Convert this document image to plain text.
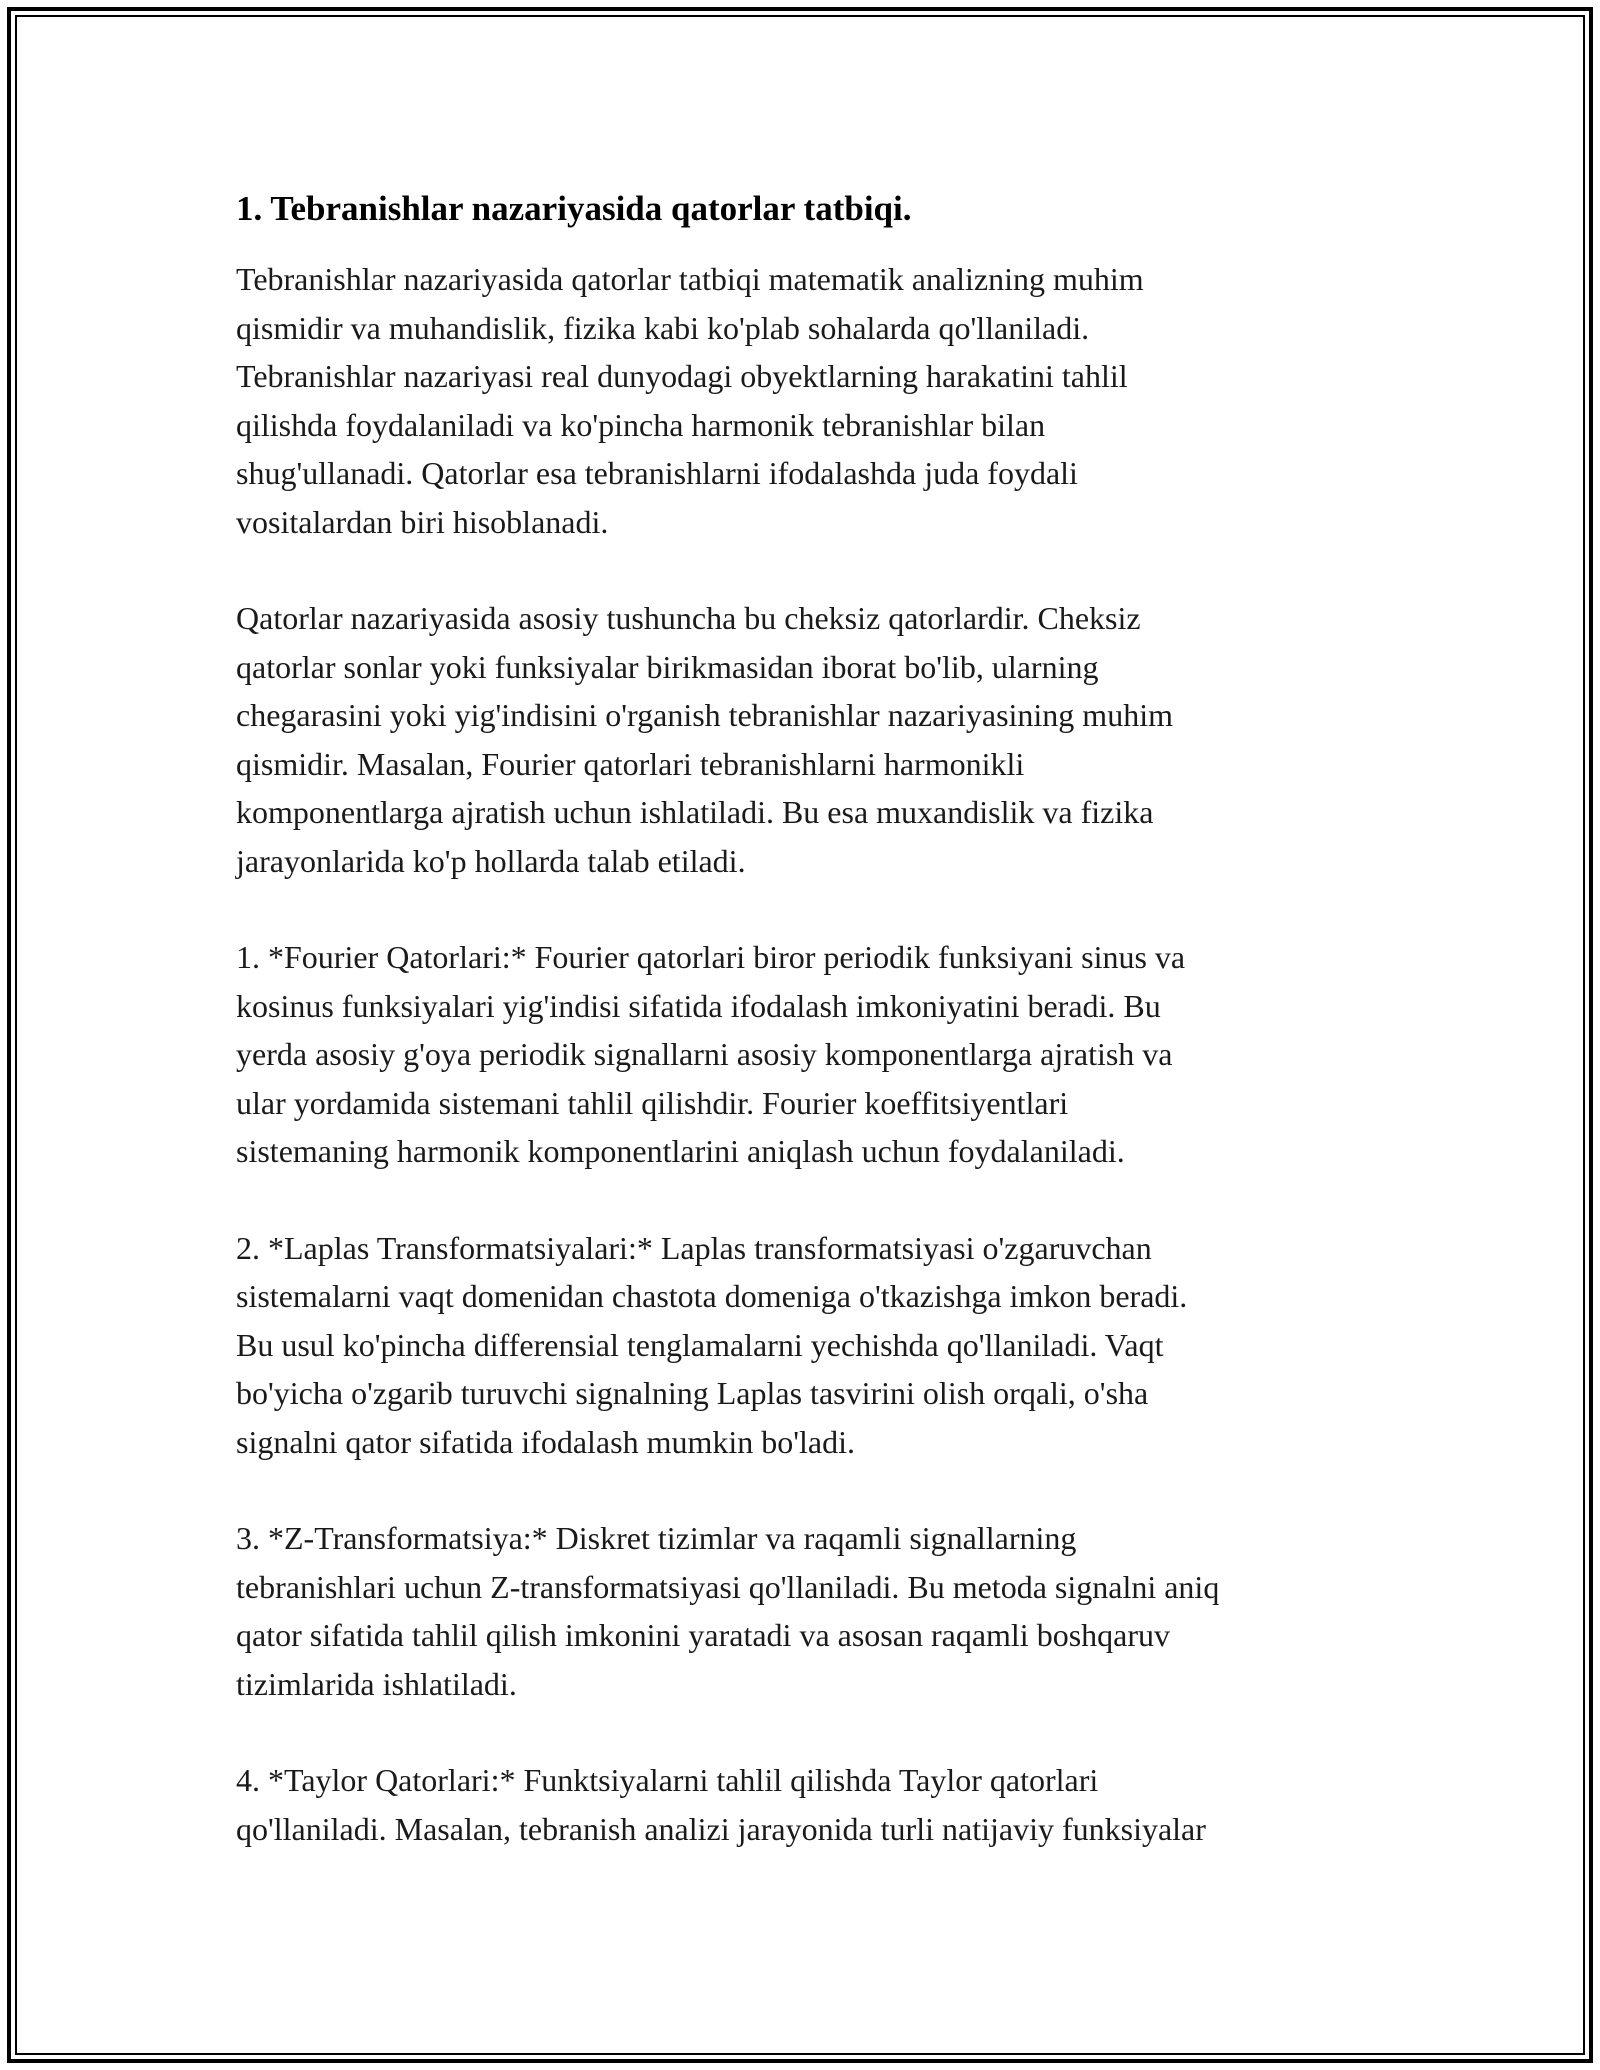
1. Tebranishlar nazariyasida qatorlar tatbiqi.

Tebranishlar nazariyasida qatorlar tatbiqi matematik analizning muhim
qismidir va muhandislik, fizika kabi ko'plab sohalarda qo'llaniladi.
Tebranishlar nazariyasi real dunyodagi obyektlarning harakatini tahlil
qilishda foydalaniladi va ko'pincha harmonik tebranishlar bilan
shug'ullanadi. Qatorlar esa tebranishlarni ifodalashda juda foydali
vositalardan biri hisoblanadi.

Qatorlar nazariyasida asosiy tushuncha bu cheksiz qatorlardir. Cheksiz
qatorlar sonlar yoki funksiyalar birikmasidan iborat bo'lib, ularning
chegarasini yoki yig'indisini o'rganish tebranishlar nazariyasining muhim
qismidir. Masalan, Fourier qatorlari tebranishlarni harmonikli
komponentlarga ajratish uchun ishlatiladi. Bu esa muxandislik va fizika
jarayonlarida ko'p hollarda talab etiladi.

1. *Fourier Qatorlari:* Fourier qatorlari biror periodik funksiyani sinus va
kosinus funksiyalari yig'indisi sifatida ifodalash imkoniyatini beradi. Bu
yerda asosiy g'oya periodik signallarni asosiy komponentlarga ajratish va
ular yordamida sistemani tahlil qilishdir. Fourier koeffitsiyentlari
sistemaning harmonik komponentlarini aniqlash uchun foydalaniladi.

2. *Laplas Transformatsiyalari:* Laplas transformatsiyasi o'zgaruvchan
sistemalarni vaqt domenidan chastota domeniga o'tkazishga imkon beradi.
Bu usul ko'pincha differensial tenglamalarni yechishda qo'llaniladi. Vaqt
bo'yicha o'zgarib turuvchi signalning Laplas tasvirini olish orqali, o'sha
signalni qator sifatida ifodalash mumkin bo'ladi.

3. *Z-Transformatsiya:* Diskret tizimlar va raqamli signallarning
tebranishlari uchun Z-transformatsiyasi qo'llaniladi. Bu metoda signalni aniq
qator sifatida tahlil qilish imkonini yaratadi va asosan raqamli boshqaruv
tizimlarida ishlatiladi.

4. *Taylor Qatorlari:* Funktsiyalarni tahlil qilishda Taylor qatorlari
qo'llaniladi. Masalan, tebranish analizi jarayonida turli natijaviy funksiyalar
